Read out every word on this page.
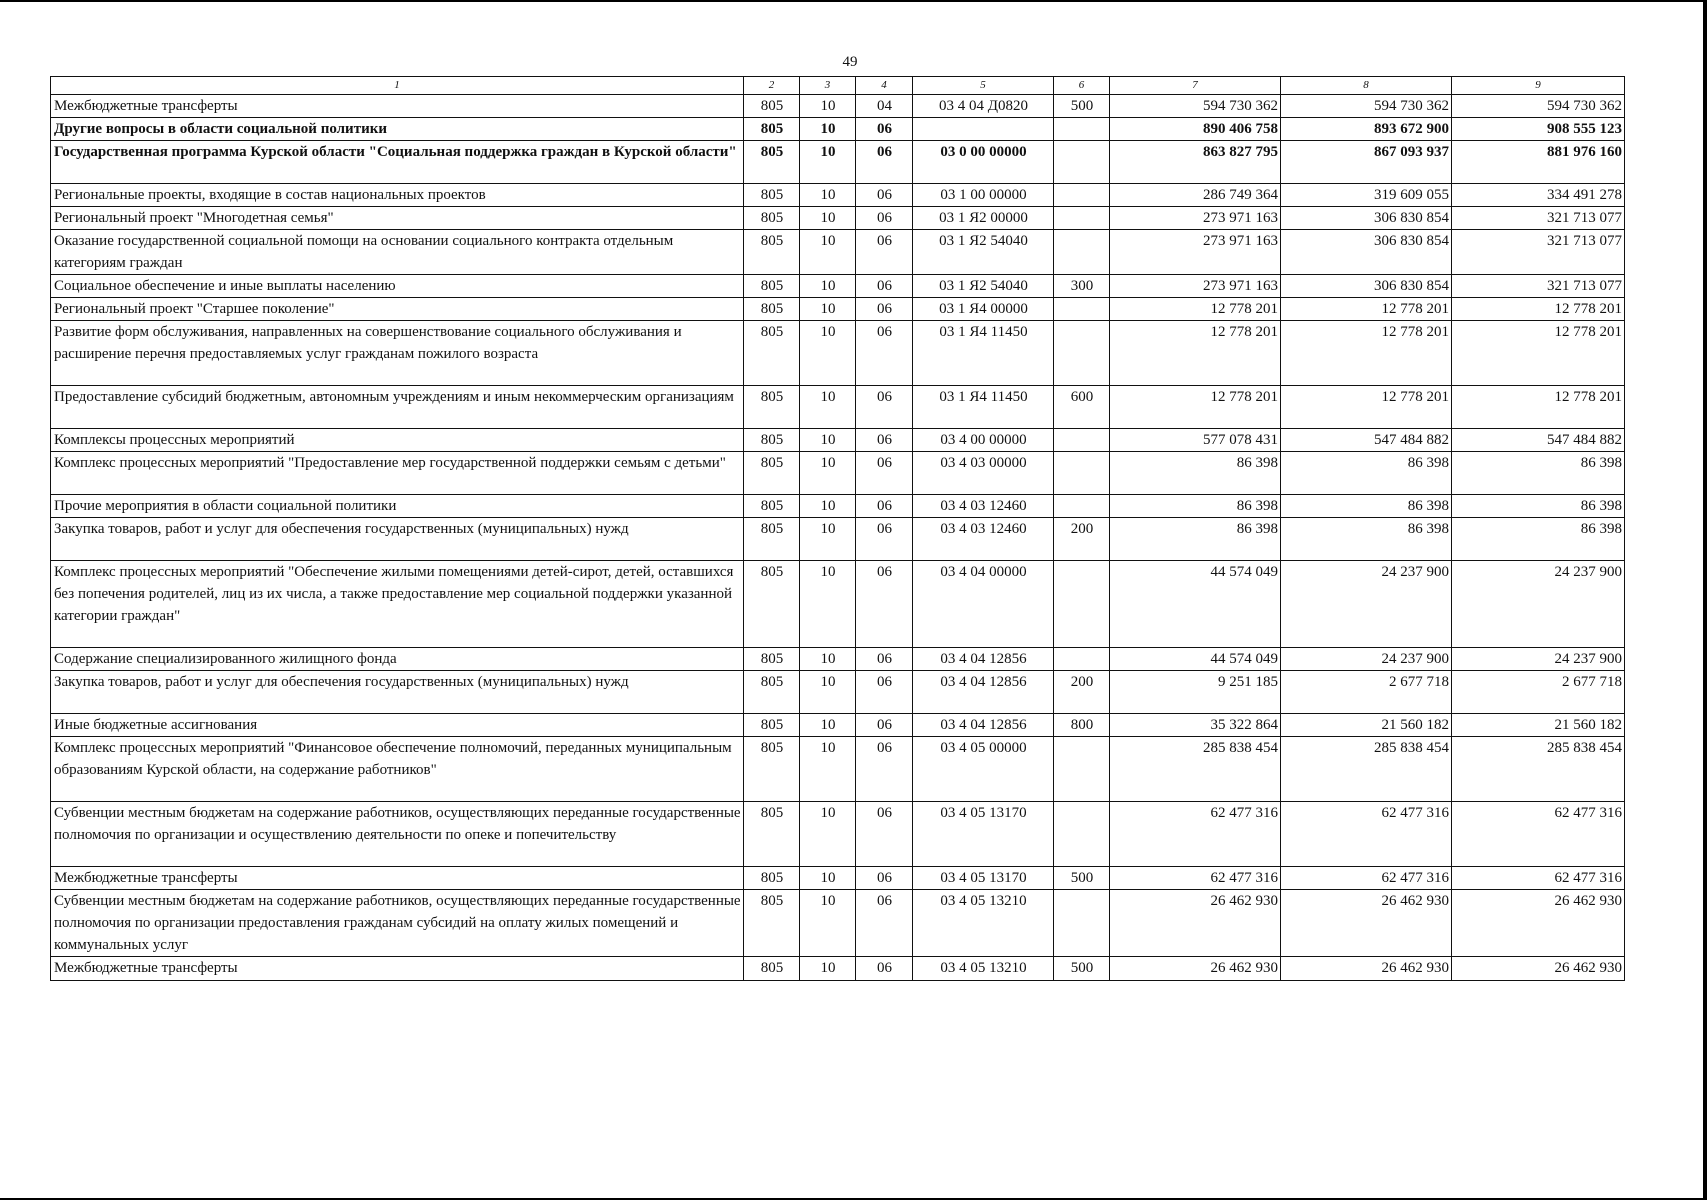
49
1	2	3	4	5	6	7	8	9
Межбюджетные трансферты	805	10	04	03 4 04 Д0820	500	594 730 362	594 730 362	594 730 362
Другие вопросы в области социальной политики	805	10	06			890 406 758	893 672 900	908 555 123
Государственная программа Курской области "Социальная поддержка граждан в Курской области"	805	10	06	03 0 00 00000		863 827 795	867 093 937	881 976 160
Региональные проекты, входящие в состав национальных проектов	805	10	06	03 1 00 00000		286 749 364	319 609 055	334 491 278
Региональный проект "Многодетная семья"	805	10	06	03 1 Я2 00000		273 971 163	306 830 854	321 713 077
Оказание государственной социальной помощи на основании социального контракта отдельным категориям граждан	805	10	06	03 1 Я2 54040		273 971 163	306 830 854	321 713 077
Социальное обеспечение и иные выплаты населению	805	10	06	03 1 Я2 54040	300	273 971 163	306 830 854	321 713 077
Региональный проект "Старшее поколение"	805	10	06	03 1 Я4 00000		12 778 201	12 778 201	12 778 201
Развитие форм обслуживания, направленных на совершенствование социального обслуживания и расширение перечня предоставляемых услуг гражданам пожилого возраста	805	10	06	03 1 Я4 11450		12 778 201	12 778 201	12 778 201
Предоставление субсидий бюджетным, автономным учреждениям и иным некоммерческим организациям	805	10	06	03 1 Я4 11450	600	12 778 201	12 778 201	12 778 201
Комплексы процессных мероприятий	805	10	06	03 4 00 00000		577 078 431	547 484 882	547 484 882
Комплекс процессных мероприятий "Предоставление мер государственной поддержки семьям с детьми"	805	10	06	03 4 03 00000		86 398	86 398	86 398
Прочие мероприятия в области социальной политики	805	10	06	03 4 03 12460		86 398	86 398	86 398
Закупка товаров, работ и услуг для обеспечения государственных (муниципальных) нужд	805	10	06	03 4 03 12460	200	86 398	86 398	86 398
Комплекс процессных мероприятий "Обеспечение жилыми помещениями детей-сирот, детей, оставшихся без попечения родителей, лиц из их числа, а также предоставление мер социальной поддержки указанной категории граждан"	805	10	06	03 4 04 00000		44 574 049	24 237 900	24 237 900
Содержание специализированного жилищного фонда	805	10	06	03 4 04 12856		44 574 049	24 237 900	24 237 900
Закупка товаров, работ и услуг для обеспечения государственных (муниципальных) нужд	805	10	06	03 4 04 12856	200	9 251 185	2 677 718	2 677 718
Иные бюджетные ассигнования	805	10	06	03 4 04 12856	800	35 322 864	21 560 182	21 560 182
Комплекс процессных мероприятий "Финансовое обеспечение полномочий, переданных муниципальным образованиям Курской области, на содержание работников"	805	10	06	03 4 05 00000		285 838 454	285 838 454	285 838 454
Субвенции местным бюджетам на содержание работников, осуществляющих переданные государственные полномочия по организации и осуществлению деятельности по опеке и попечительству	805	10	06	03 4 05 13170		62 477 316	62 477 316	62 477 316
Межбюджетные трансферты	805	10	06	03 4 05 13170	500	62 477 316	62 477 316	62 477 316
Субвенции местным бюджетам на содержание работников, осуществляющих переданные государственные полномочия по организации предоставления гражданам субсидий на оплату жилых помещений и коммунальных услуг	805	10	06	03 4 05 13210		26 462 930	26 462 930	26 462 930
Межбюджетные трансферты	805	10	06	03 4 05 13210	500	26 462 930	26 462 930	26 462 930
